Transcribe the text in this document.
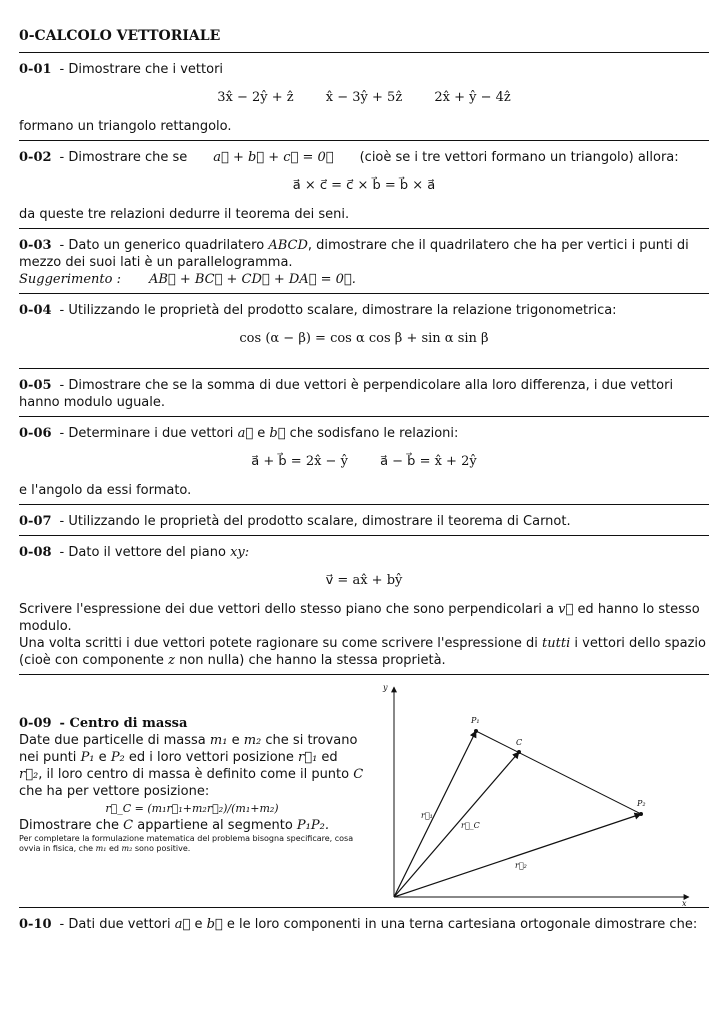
0-CALCOLO VETTORIALE
0-01 - Dimostrare che i vettori
3x̂ − 2ŷ + ẑ x̂ − 3ŷ + 5ẑ 2x̂ + ŷ − 4ẑ
formano un triangolo rettangolo.
0-02 - Dimostrare che se a⃗ + b⃗ + c⃗ = 0⃗ (cioè se i tre vettori formano un triangolo) allora:
a⃗ × c⃗ = c⃗ × b⃗ = b⃗ × a⃗
da queste tre relazioni dedurre il teorema dei seni.
0-03 - Dato un generico quadrilatero ABCD, dimostrare che il quadrilatero che ha per vertici i punti di mezzo dei suoi lati è un parallelogramma.
Suggerimento : AB⃗ + BC⃗ + CD⃗ + DA⃗ = 0⃗.
0-04 - Utilizzando le proprietà del prodotto scalare, dimostrare la relazione trigonometrica:
cos (α − β) = cos α cos β + sin α sin β
0-05 - Dimostrare che se la somma di due vettori è perpendicolare alla loro differenza, i due vettori hanno modulo uguale.
0-06 - Determinare i due vettori a⃗ e b⃗ che sodisfano le relazioni:
a⃗ + b⃗ = 2x̂ − ŷ a⃗ − b⃗ = x̂ + 2ŷ
e l'angolo da essi formato.
0-07 - Utilizzando le proprietà del prodotto scalare, dimostrare il teorema di Carnot.
0-08 - Dato il vettore del piano xy:
v⃗ = ax̂ + bŷ
Scrivere l'espressione dei due vettori dello stesso piano che sono perpendicolari a v⃗ ed hanno lo stesso modulo.
Una volta scritti i due vettori potete ragionare su come scrivere l'espressione di tutti i vettori dello spazio (cioè con componente z non nulla) che hanno la stessa proprietà.
0-09 - Centro di massa
Date due particelle di massa m₁ e m₂ che si trovano nei punti P₁ e P₂ ed i loro vettori posizione r⃗₁ ed r⃗₂, il loro centro di massa è definito come il punto C che ha per vettore posizione:
r⃗_C = (m₁r⃗₁+m₂r⃗₂)/(m₁+m₂)
Dimostrare che C appartiene al segmento P₁P₂.
Per completare la formulazione matematica del problema bisogna specificare, cosa ovvia in fisica, che m₁ ed m₂ sono positive.
y
x
P₁
C
P₂
r⃗₁
r⃗_C
r⃗₂
0-10 - Dati due vettori a⃗ e b⃗ e le loro componenti in una terna cartesiana ortogonale dimostrare che:
